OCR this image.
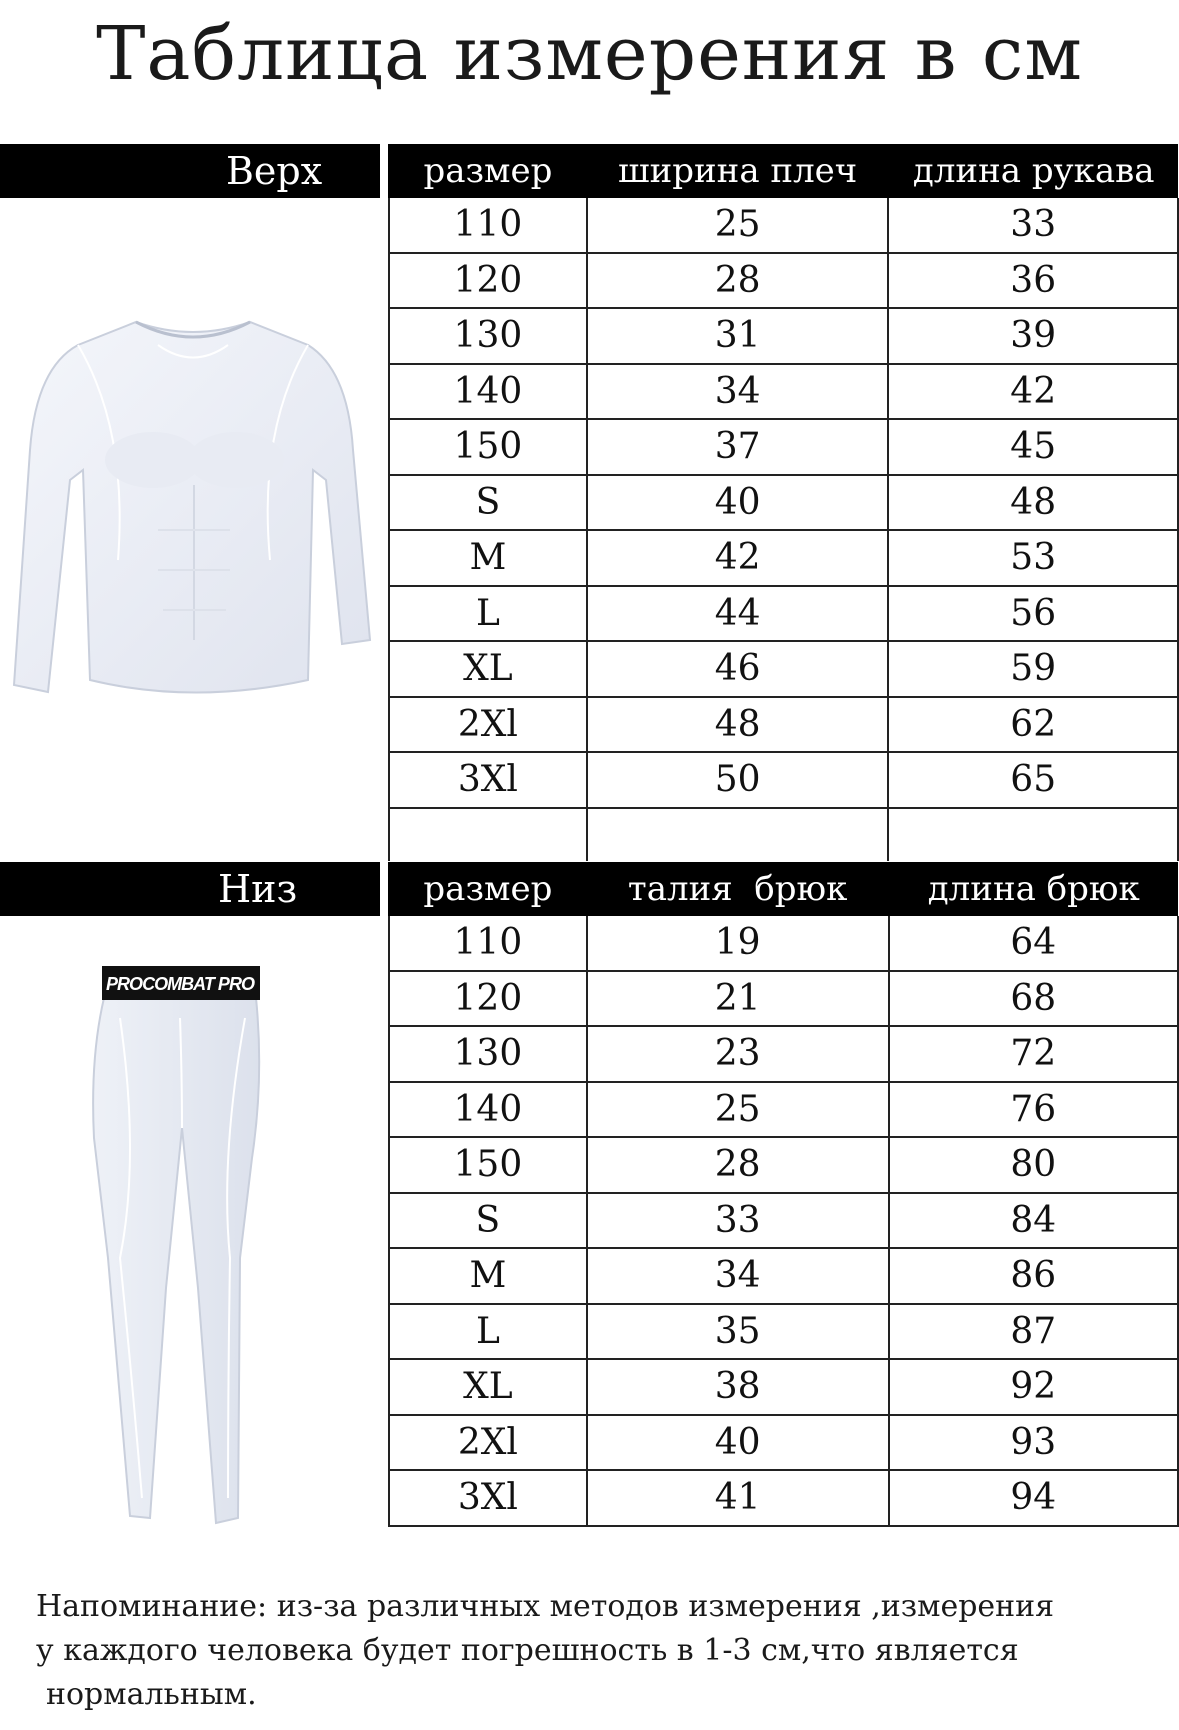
Таблица измерения в см
Верх	размер	ширина плеч	длина рукава
110	25	33
120	28	36
130	31	39
140	34	42
150	37	45
S	40	48
M	42	53
L	44	56
XL	46	59
2Xl	48	62
3Xl	50	65

Низ
PROCOMBAT PRO
размер	талия  брюк	длина брюк
110	19	64
120	21	68
130	23	72
140	25	76
150	28	80
S	33	84
M	34	86
L	35	87
XL	38	92
2Xl	40	93
3Xl	41	94
Напоминание: из-за различных методов измерения ,измерения
у каждого человека будет погрешность в 1-3 см,что является
нормальным.
